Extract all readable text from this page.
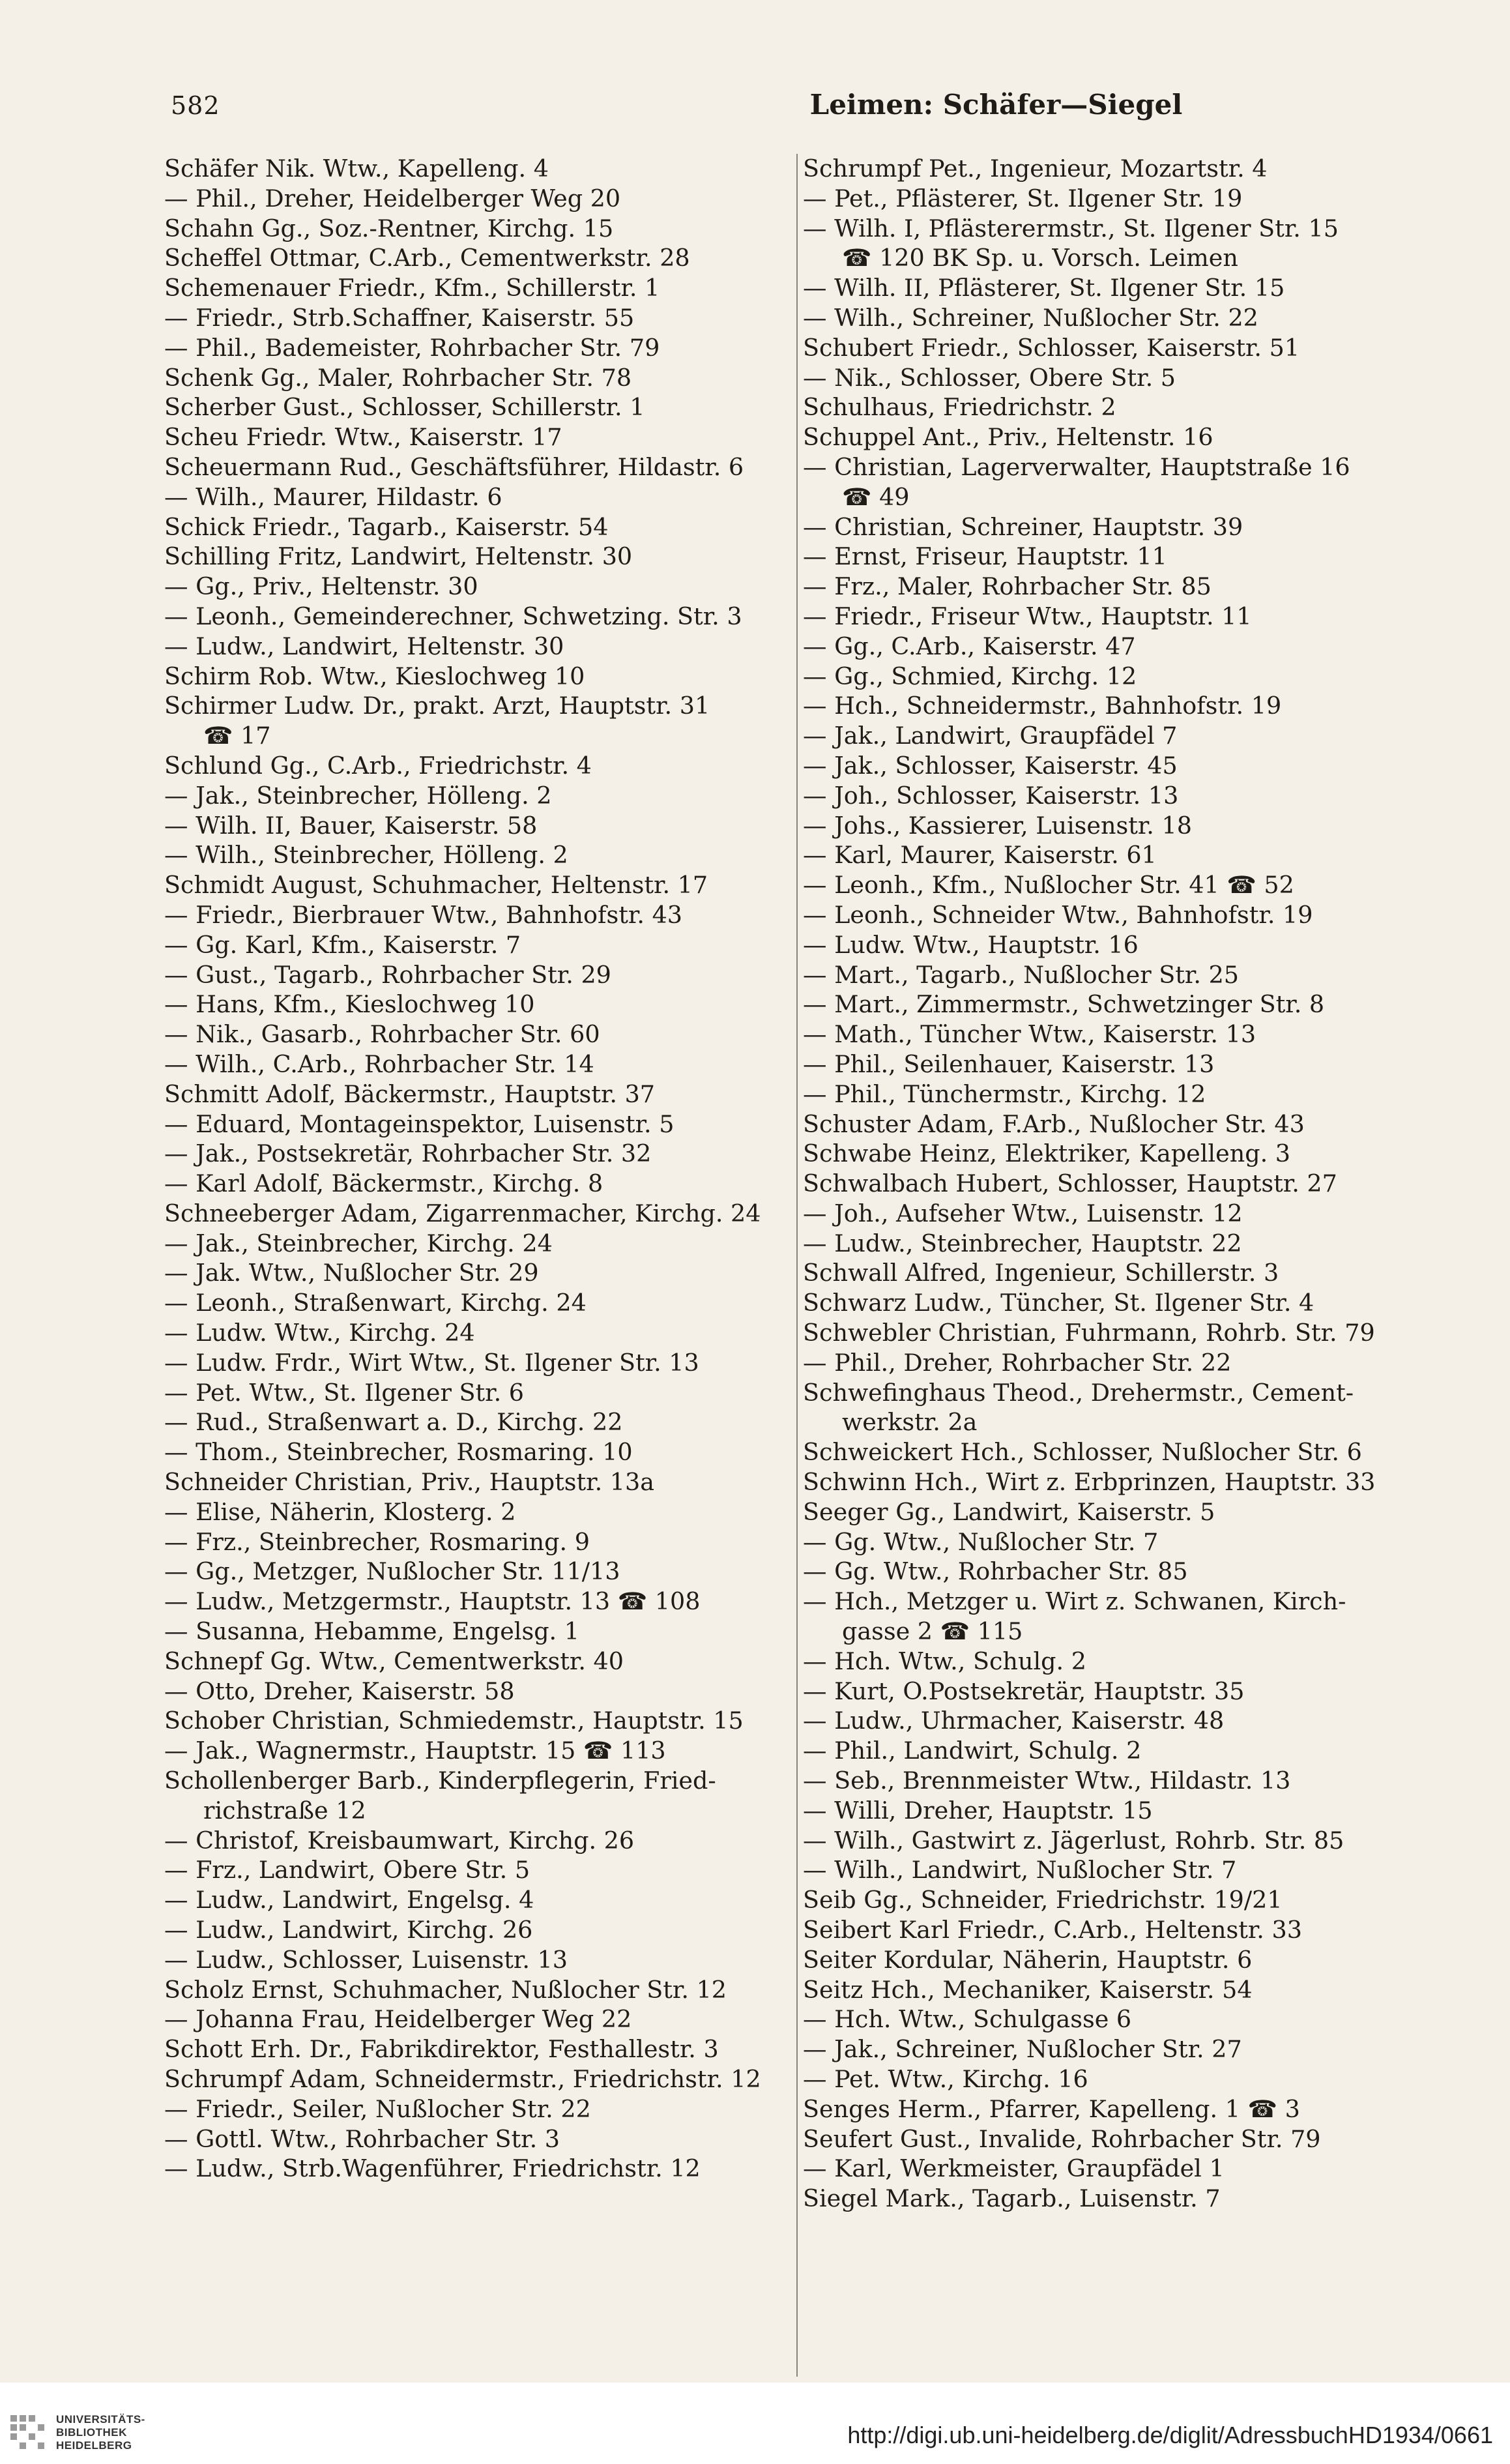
582	Leimen: Schäfer—Siegel
Schäfer Nik. Wtw., Kapelleng. 4
— Phil., Dreher, Heidelberger Weg 20
Schahn Gg., Soz.-Rentner, Kirchg. 15
Scheffel Ottmar, C.Arb., Cementwerkstr. 28
Schemenauer Friedr., Kfm., Schillerstr. 1
— Friedr., Strb.Schaffner, Kaiserstr. 55
— Phil., Bademeister, Rohrbacher Str. 79
Schenk Gg., Maler, Rohrbacher Str. 78
Scherber Gust., Schlosser, Schillerstr. 1
Scheu Friedr. Wtw., Kaiserstr. 17
Scheuermann Rud., Geschäftsführer, Hildastr. 6
— Wilh., Maurer, Hildastr. 6
Schick Friedr., Tagarb., Kaiserstr. 54
Schilling Fritz, Landwirt, Heltenstr. 30
— Gg., Priv., Heltenstr. 30
— Leonh., Gemeinderechner, Schwetzing. Str. 3
— Ludw., Landwirt, Heltenstr. 30
Schirm Rob. Wtw., Kieslochweg 10
Schirmer Ludw. Dr., prakt. Arzt, Hauptstr. 31
☎ 17
Schlund Gg., C.Arb., Friedrichstr. 4
— Jak., Steinbrecher, Hölleng. 2
— Wilh. II, Bauer, Kaiserstr. 58
— Wilh., Steinbrecher, Hölleng. 2
Schmidt August, Schuhmacher, Heltenstr. 17
— Friedr., Bierbrauer Wtw., Bahnhofstr. 43
— Gg. Karl, Kfm., Kaiserstr. 7
— Gust., Tagarb., Rohrbacher Str. 29
— Hans, Kfm., Kieslochweg 10
— Nik., Gasarb., Rohrbacher Str. 60
— Wilh., C.Arb., Rohrbacher Str. 14
Schmitt Adolf, Bäckermstr., Hauptstr. 37
— Eduard, Montageinspektor, Luisenstr. 5
— Jak., Postsekretär, Rohrbacher Str. 32
— Karl Adolf, Bäckermstr., Kirchg. 8
Schneeberger Adam, Zigarrenmacher, Kirchg. 24
— Jak., Steinbrecher, Kirchg. 24
— Jak. Wtw., Nußlocher Str. 29
— Leonh., Straßenwart, Kirchg. 24
— Ludw. Wtw., Kirchg. 24
— Ludw. Frdr., Wirt Wtw., St. Ilgener Str. 13
— Pet. Wtw., St. Ilgener Str. 6
— Rud., Straßenwart a. D., Kirchg. 22
— Thom., Steinbrecher, Rosmaring. 10
Schneider Christian, Priv., Hauptstr. 13a
— Elise, Näherin, Klosterg. 2
— Frz., Steinbrecher, Rosmaring. 9
— Gg., Metzger, Nußlocher Str. 11/13
— Ludw., Metzgermstr., Hauptstr. 13 ☎ 108
— Susanna, Hebamme, Engelsg. 1
Schnepf Gg. Wtw., Cementwerkstr. 40
— Otto, Dreher, Kaiserstr. 58
Schober Christian, Schmiedemstr., Hauptstr. 15
— Jak., Wagnermstr., Hauptstr. 15 ☎ 113
Schollenberger Barb., Kinderpflegerin, Fried-
richstraße 12
— Christof, Kreisbaumwart, Kirchg. 26
— Frz., Landwirt, Obere Str. 5
— Ludw., Landwirt, Engelsg. 4
— Ludw., Landwirt, Kirchg. 26
— Ludw., Schlosser, Luisenstr. 13
Scholz Ernst, Schuhmacher, Nußlocher Str. 12
— Johanna Frau, Heidelberger Weg 22
Schott Erh. Dr., Fabrikdirektor, Festhallestr. 3
Schrumpf Adam, Schneidermstr., Friedrichstr. 12
— Friedr., Seiler, Nußlocher Str. 22
— Gottl. Wtw., Rohrbacher Str. 3
— Ludw., Strb.Wagenführer, Friedrichstr. 12
Schrumpf Pet., Ingenieur, Mozartstr. 4
— Pet., Pflästerer, St. Ilgener Str. 19
— Wilh. I, Pflästerermstr., St. Ilgener Str. 15
☎ 120 BK Sp. u. Vorsch. Leimen
— Wilh. II, Pflästerer, St. Ilgener Str. 15
— Wilh., Schreiner, Nußlocher Str. 22
Schubert Friedr., Schlosser, Kaiserstr. 51
— Nik., Schlosser, Obere Str. 5
Schulhaus, Friedrichstr. 2
Schuppel Ant., Priv., Heltenstr. 16
— Christian, Lagerverwalter, Hauptstraße 16
☎ 49
— Christian, Schreiner, Hauptstr. 39
— Ernst, Friseur, Hauptstr. 11
— Frz., Maler, Rohrbacher Str. 85
— Friedr., Friseur Wtw., Hauptstr. 11
— Gg., C.Arb., Kaiserstr. 47
— Gg., Schmied, Kirchg. 12
— Hch., Schneidermstr., Bahnhofstr. 19
— Jak., Landwirt, Graupfädel 7
— Jak., Schlosser, Kaiserstr. 45
— Joh., Schlosser, Kaiserstr. 13
— Johs., Kassierer, Luisenstr. 18
— Karl, Maurer, Kaiserstr. 61
— Leonh., Kfm., Nußlocher Str. 41 ☎ 52
— Leonh., Schneider Wtw., Bahnhofstr. 19
— Ludw. Wtw., Hauptstr. 16
— Mart., Tagarb., Nußlocher Str. 25
— Mart., Zimmermstr., Schwetzinger Str. 8
— Math., Tüncher Wtw., Kaiserstr. 13
— Phil., Seilenhauer, Kaiserstr. 13
— Phil., Tünchermstr., Kirchg. 12
Schuster Adam, F.Arb., Nußlocher Str. 43
Schwabe Heinz, Elektriker, Kapelleng. 3
Schwalbach Hubert, Schlosser, Hauptstr. 27
— Joh., Aufseher Wtw., Luisenstr. 12
— Ludw., Steinbrecher, Hauptstr. 22
Schwall Alfred, Ingenieur, Schillerstr. 3
Schwarz Ludw., Tüncher, St. Ilgener Str. 4
Schwebler Christian, Fuhrmann, Rohrb. Str. 79
— Phil., Dreher, Rohrbacher Str. 22
Schwefinghaus Theod., Drehermstr., Cement-
werkstr. 2a
Schweickert Hch., Schlosser, Nußlocher Str. 6
Schwinn Hch., Wirt z. Erbprinzen, Hauptstr. 33
Seeger Gg., Landwirt, Kaiserstr. 5
— Gg. Wtw., Nußlocher Str. 7
— Gg. Wtw., Rohrbacher Str. 85
— Hch., Metzger u. Wirt z. Schwanen, Kirch-
gasse 2 ☎ 115
— Hch. Wtw., Schulg. 2
— Kurt, O.Postsekretär, Hauptstr. 35
— Ludw., Uhrmacher, Kaiserstr. 48
— Phil., Landwirt, Schulg. 2
— Seb., Brennmeister Wtw., Hildastr. 13
— Willi, Dreher, Hauptstr. 15
— Wilh., Gastwirt z. Jägerlust, Rohrb. Str. 85
— Wilh., Landwirt, Nußlocher Str. 7
Seib Gg., Schneider, Friedrichstr. 19/21
Seibert Karl Friedr., C.Arb., Heltenstr. 33
Seiter Kordular, Näherin, Hauptstr. 6
Seitz Hch., Mechaniker, Kaiserstr. 54
— Hch. Wtw., Schulgasse 6
— Jak., Schreiner, Nußlocher Str. 27
— Pet. Wtw., Kirchg. 16
Senges Herm., Pfarrer, Kapelleng. 1 ☎ 3
Seufert Gust., Invalide, Rohrbacher Str. 79
— Karl, Werkmeister, Graupfädel 1
Siegel Mark., Tagarb., Luisenstr. 7
UNIVERSITÄTS-
BIBLIOTHEK
HEIDELBERG	http://digi.ub.uni-heidelberg.de/diglit/AdressbuchHD1934/0661
